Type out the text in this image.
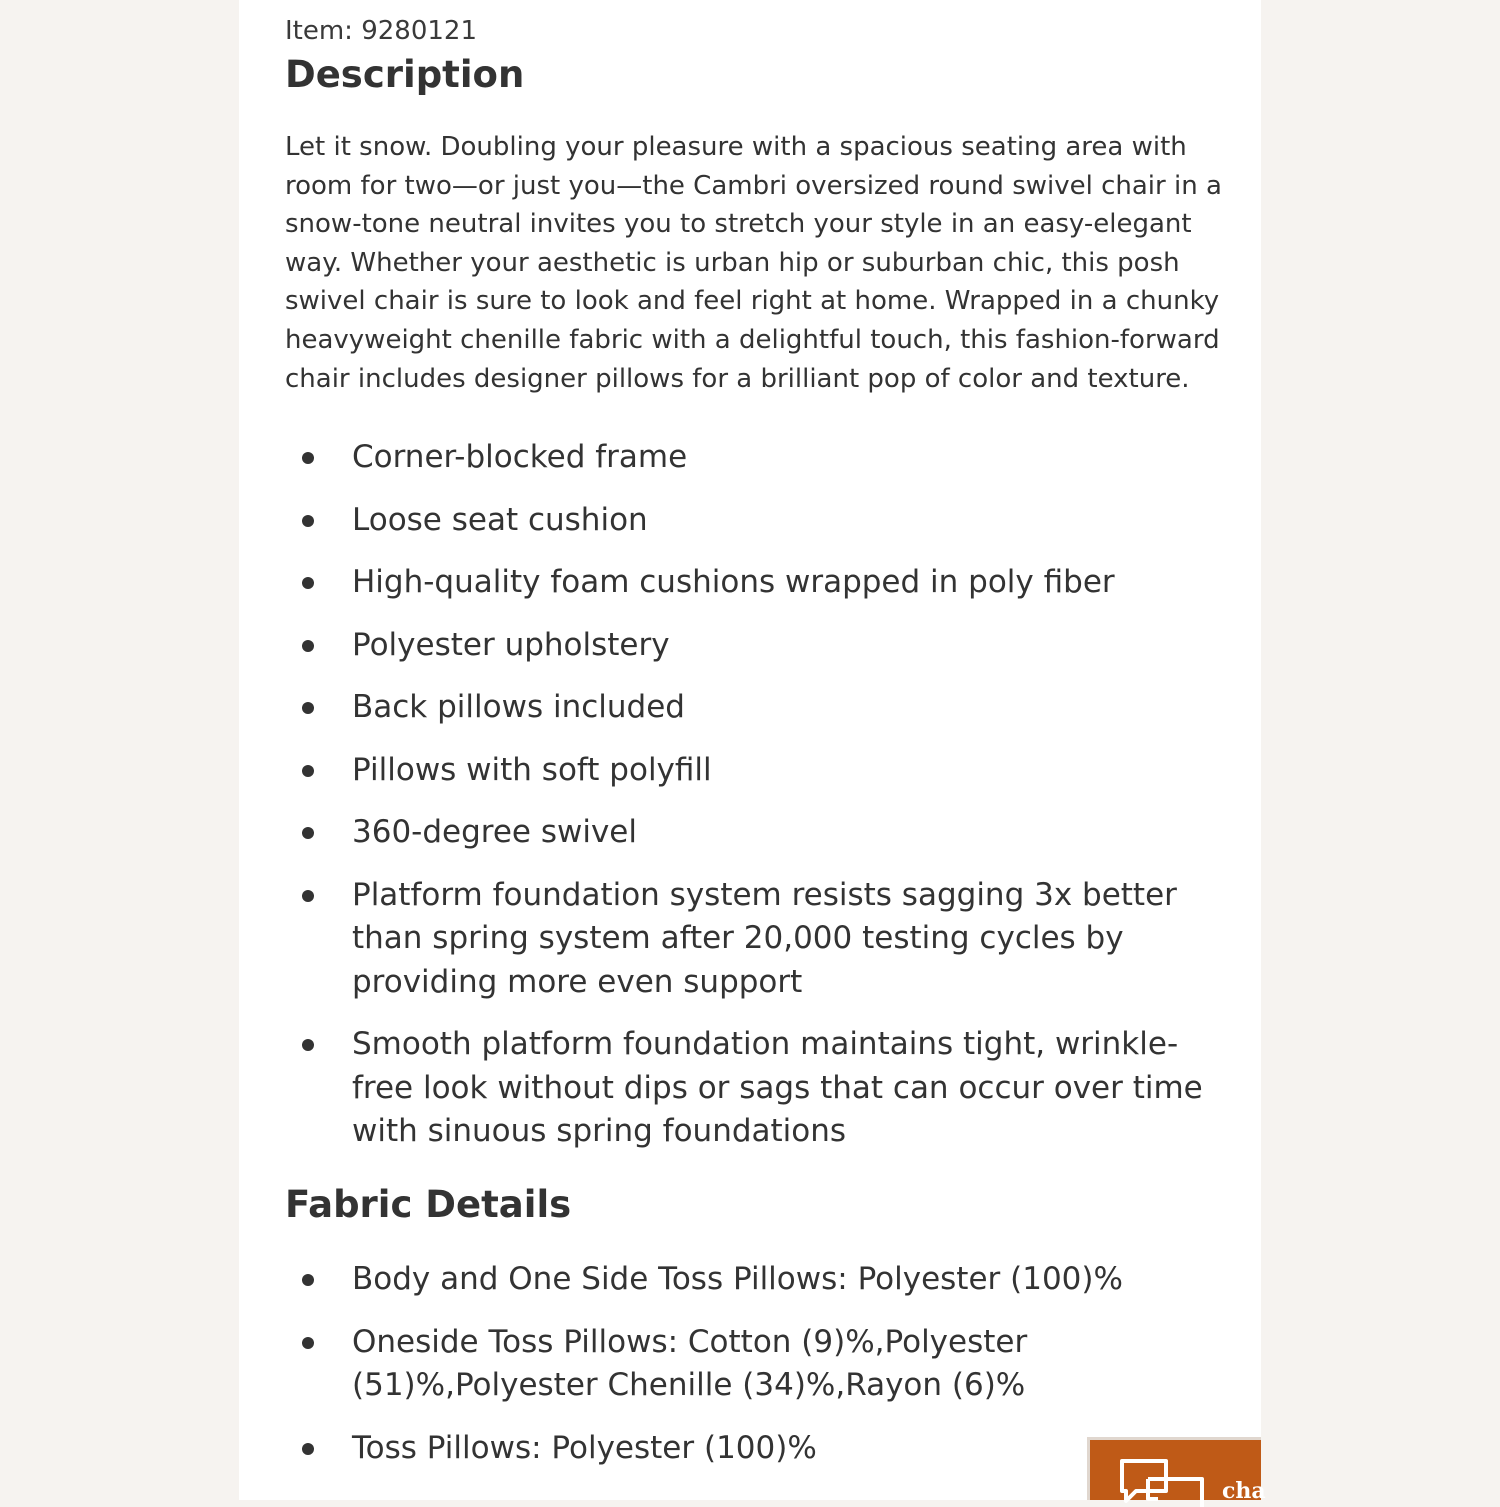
Item: 9280121
Description

Let it snow. Doubling your pleasure with a spacious seating area with room for two—or just you—the Cambri oversized round swivel chair in a snow-tone neutral invites you to stretch your style in an easy-elegant way. Whether your aesthetic is urban hip or suburban chic, this posh swivel chair is sure to look and feel right at home. Wrapped in a chunky heavyweight chenille fabric with a delightful touch, this fashion-forward chair includes designer pillows for a brilliant pop of color and texture.

Corner-blocked frame
Loose seat cushion
High-quality foam cushions wrapped in poly fiber
Polyester upholstery
Back pillows included
Pillows with soft polyfill
360-degree swivel
Platform foundation system resists sagging 3x better than spring system after 20,000 testing cycles by providing more even support
Smooth platform foundation maintains tight, wrinkle-free look without dips or sags that can occur over time with sinuous spring foundations
Fabric Details
Body and One Side Toss Pillows: Polyester (100)%
Oneside Toss Pillows: Cotton (9)%,Polyester (51)%,Polyester Chenille (34)%,Rayon (6)%
Toss Pillows: Polyester (100)%
cha
